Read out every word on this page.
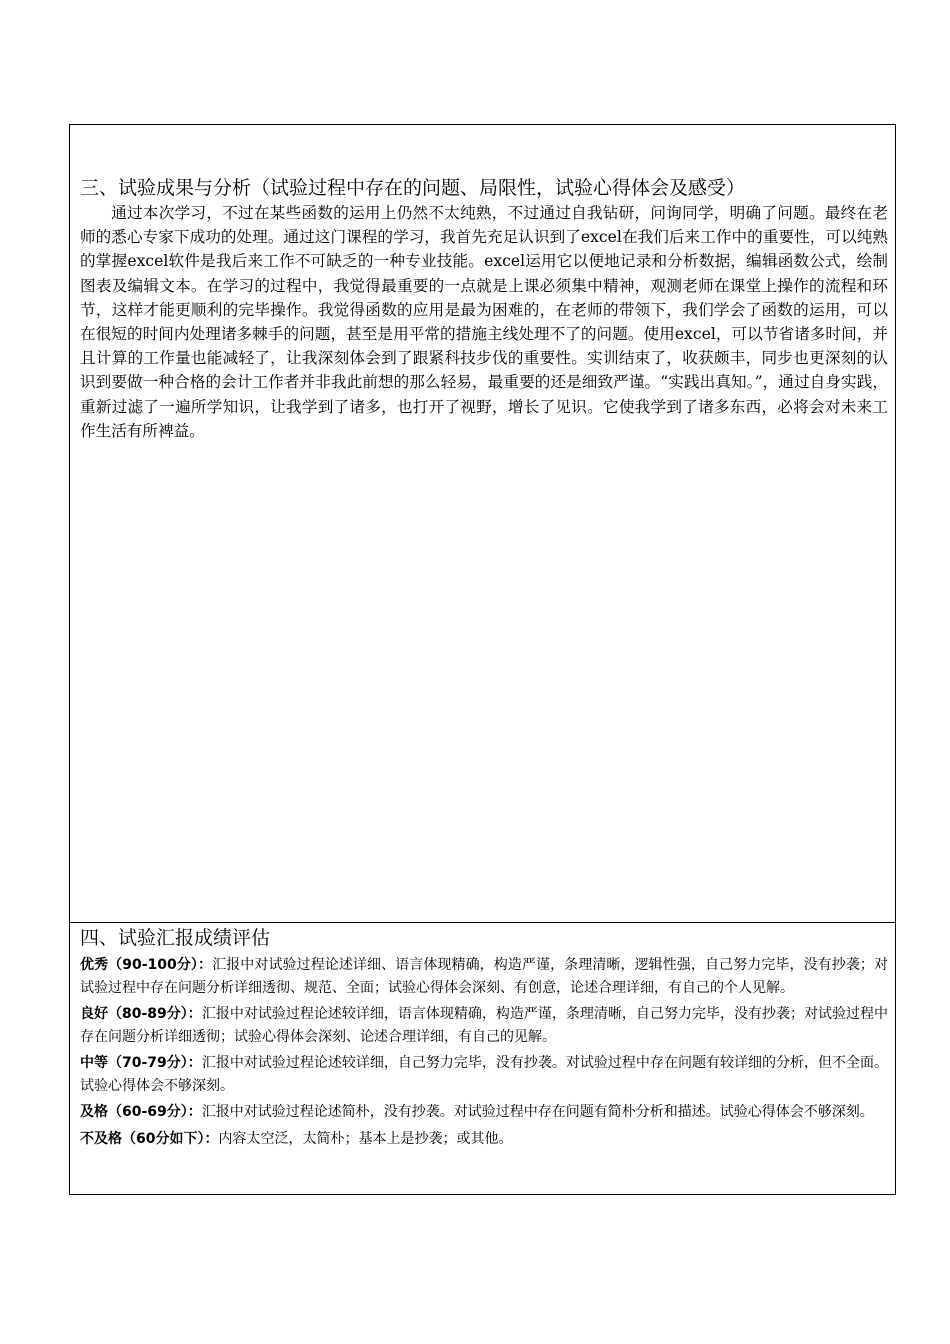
三、试验成果与分析（试验过程中存在的问题、局限性，试验心得体会及感受）

通过本次学习，不过在某些函数的运用上仍然不太纯熟，不过通过自我钻研，问询同学，明确了问题。最终在老师的悉心专家下成功的处理。通过这门课程的学习，我首先充足认识到了excel在我们后来工作中的重要性，可以纯熟的掌握excel软件是我后来工作不可缺乏的一种专业技能。excel运用它以便地记录和分析数据，编辑函数公式，绘制图表及编辑文本。在学习的过程中，我觉得最重要的一点就是上课必须集中精神，观测老师在课堂上操作的流程和环节，这样才能更顺利的完毕操作。我觉得函数的应用是最为困难的，在老师的带领下，我们学会了函数的运用，可以在很短的时间内处理诸多棘手的问题，甚至是用平常的措施主线处理不了的问题。使用excel，可以节省诸多时间，并且计算的工作量也能减轻了，让我深刻体会到了跟紧科技步伐的重要性。实训结束了，收获颇丰，同步也更深刻的认识到要做一种合格的会计工作者并非我此前想的那么轻易，最重要的还是细致严谨。“实践出真知。”，通过自身实践，重新过滤了一遍所学知识，让我学到了诸多，也打开了视野，增长了见识。它使我学到了诸多东西，必将会对未来工作生活有所裨益。

四、试验汇报成绩评估

优秀（90-100分）：汇报中对试验过程论述详细、语言体现精确，构造严谨，条理清晰，逻辑性强，自己努力完毕，没有抄袭；对试验过程中存在问题分析详细透彻、规范、全面；试验心得体会深刻、有创意，论述合理详细，有自己的个人见解。

良好（80-89分）：汇报中对试验过程论述较详细，语言体现精确，构造严谨，条理清晰，自己努力完毕，没有抄袭；对试验过程中存在问题分析详细透彻；试验心得体会深刻、论述合理详细，有自己的见解。

中等（70-79分）：汇报中对试验过程论述较详细，自己努力完毕，没有抄袭。对试验过程中存在问题有较详细的分析，但不全面。试验心得体会不够深刻。

及格（60-69分）：汇报中对试验过程论述简朴，没有抄袭。对试验过程中存在问题有简朴分析和描述。试验心得体会不够深刻。

不及格（60分如下）：内容太空泛，太简朴；基本上是抄袭；或其他。
